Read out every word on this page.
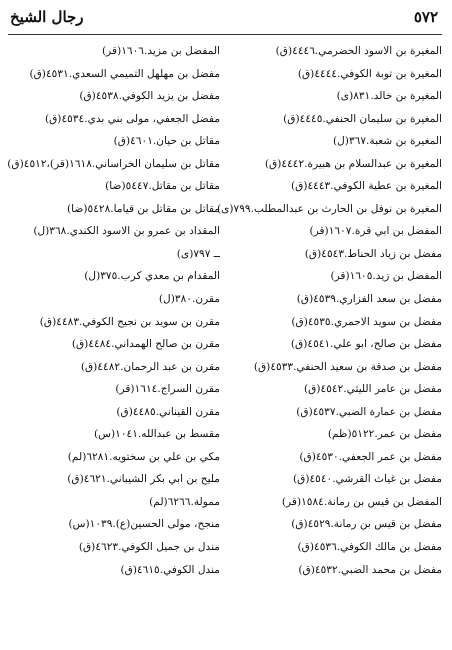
٥٧٢
رجال الشيخ
المغيرة بن الاسود الحضرمي.٤٤٤٦(ق)
المغيرة بن توبة الكوفي.٤٤٤٤(ق)
المغيرة بن خالد.٨٣١(ى)
المغيرة بن سليمان الحنفي.٤٤٤٥(ق)
المغيرة بن شعبة.٣٦٧(ل)
المغيرة بن عبدالسلام بن هبيرة.٤٤٤٢(ق)
المغيرة بن عطية الكوفي.٤٤٤٣(ق)
المغيرة بن نوفل بن الحارث بن عبدالمطلب.٧٩٩(ى)
المفضل بن ابي قرة.١٦٠٧(قر)
مفضل بن زياد الحناط.٤٥٤٣(ق)
المفضل بن زيد.١٦٠٥(قر)
مفضل بن سعد الفزاري.٤٥٣٩(ق)
مفضل بن سويد الاحمري.٤٥٣٥(ق)
مفضل بن صالح، ابو علي.٤٥٤١(ق)
مفضل بن صدقة بن سعيد الحنفي.٤٥٣٣(ق)
مفضل بن عامر الليثي.٤٥٤٢(ق)
مفضل بن عمارة الضبي.٤٥٣٧(ق)
مفضل بن عمر.٥١٢٢(ظم)
مفضل بن عمر الجعفي.٤٥٣٠(ق)
مفضل بن غياث القرشي.٤٥٤٠(ق)
المفضل بن قيس بن رمانة.١٥٨٤(قر)
مفضل بن قيس بن رمانة.٤٥٢٩(ق)
مفضل بن مالك الكوفي.٤٥٣٦(ق)
مفضل بن محمد الضبي.٤٥٣٢(ق)
المفضل بن مزيد.١٦٠٦(قر)
مفضل بن مهلهل التميمي السعدي.٤٥٣١(ق)
مفضل بن يزيد الكوفي.٤٥٣٨(ق)
مفضل الجعفي، مولى بني بدي.٤٥٣٤(ق)
مقاتل بن حيان.٤٦٠١(ق)
مقاتل بن سليمان الخراساني.١٦١٨(قر)،٤٥١٢(ق)
مقاتل بن مقاتل.٥٤٤٧(ضا)
مقاتل بن مقاتل بن قياما.٥٤٢٨(ضا)
المقداد بن عمرو بن الاسود الكندي.٣٦٨(ل)
ــ ٧٩٧(ى)
المقدام بن معدي كرب.٣٧٥(ل)
مقرن.٣٨٠(ل)
مقرن بن سويد بن نجيح الكوفي.٤٤٨٣(ق)
مقرن بن صالح الهمداني.٤٤٨٤(ق)
مقرن بن عبد الرحمان.٤٤٨٢(ق)
مقرن السراج.١٦١٤(قر)
مقرن القيناني.٤٤٨٥(ق)
مقسط بن عبدالله.١٠٤١(س)
مكي بن علي بن سختويه.٦٢٨١(لم)
مليح بن ابي بكر الشيباني.٤٦٢١(ق)
ممولة.٦٢٦٦(لم)
منجح، مولى الحسين(ع).١٠٣٩(س)
مندل بن جميل الكوفي.٤٦٢٣(ق)
مندل الكوفي.٤٦١٥(ق)
